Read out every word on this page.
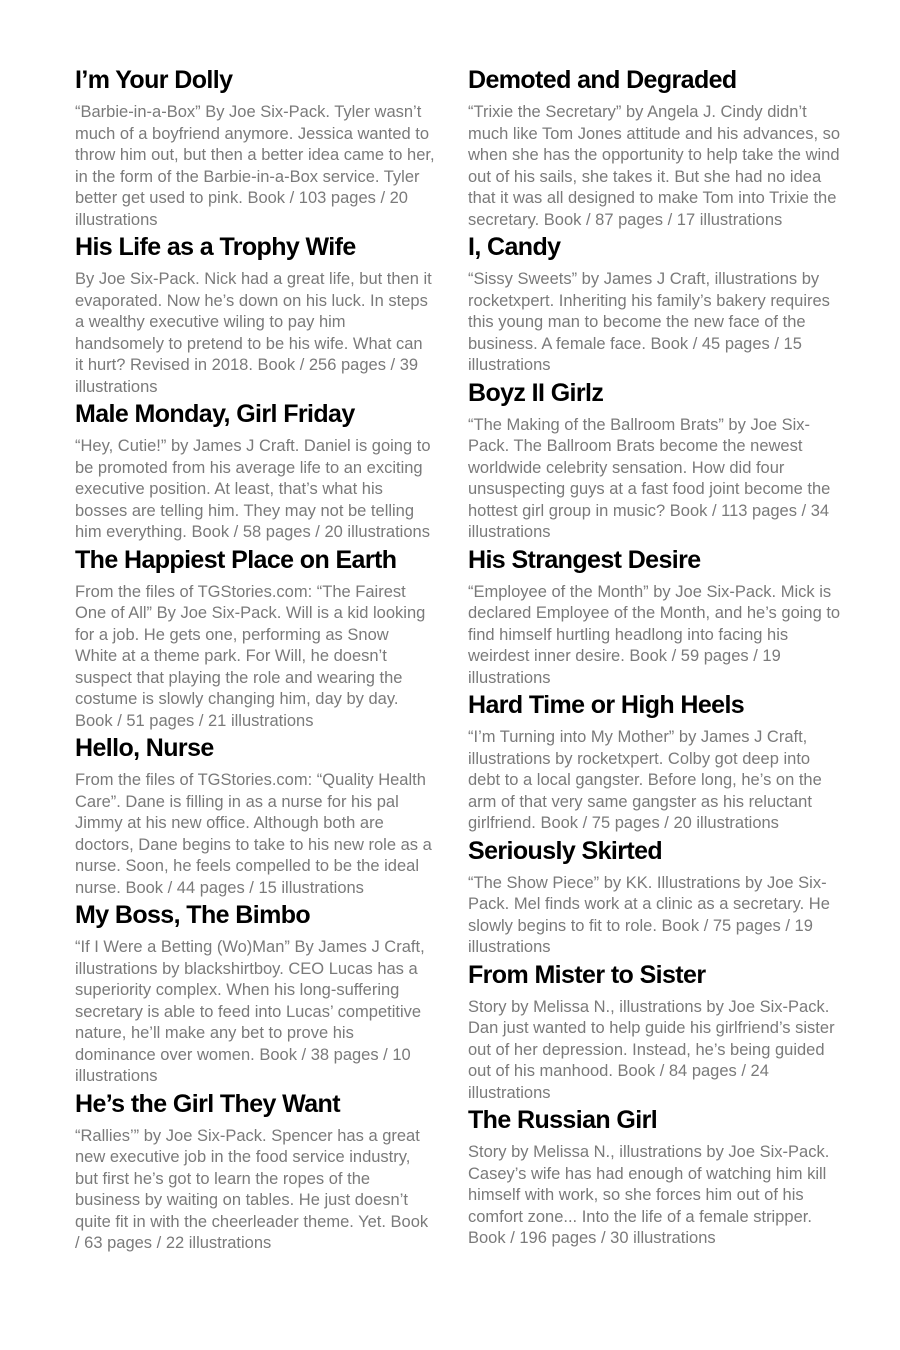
I’m Your Dolly

“Barbie-in-a-Box” By Joe Six-Pack. Tyler wasn’t much of a boyfriend anymore. Jessica wanted to throw him out, but then a better idea came to her, in the form of the Barbie-in-a-Box service. Tyler better get used to pink. Book / 103 pages / 20 illustrations

His Life as a Trophy Wife

By Joe Six-Pack. Nick had a great life, but then it evaporated. Now he’s down on his luck. In steps a wealthy executive wiling to pay him handsomely to pretend to be his wife. What can it hurt? Revised in 2018. Book / 256 pages / 39 illustrations

Male Monday, Girl Friday

“Hey, Cutie!” by James J Craft. Daniel is going to be promoted from his average life to an exciting executive position. At least, that’s what his bosses are telling him. They may not be telling him everything. Book / 58 pages / 20 illustrations

The Happiest Place on Earth

From the files of TGStories.com: “The Fairest One of All” By Joe Six-Pack. Will is a kid looking for a job. He gets one, performing as Snow White at a theme park. For Will, he doesn’t suspect that playing the role and wearing the costume is slowly changing him, day by day. Book / 51 pages / 21 illustrations

Hello, Nurse

From the files of TGStories.com: “Quality Health Care”. Dane is filling in as a nurse for his pal Jimmy at his new office. Although both are doctors, Dane begins to take to his new role as a nurse. Soon, he feels compelled to be the ideal nurse. Book / 44 pages / 15 illustrations

My Boss, The Bimbo

“If I Were a Betting (Wo)Man” By James J Craft, illustrations by blackshirtboy. CEO Lucas has a superiority complex. When his long-suffering secretary is able to feed into Lucas’ competitive nature, he’ll make any bet to prove his dominance over women. Book / 38 pages / 10 illustrations

He’s the Girl They Want

“Rallies’” by Joe Six-Pack. Spencer has a great new executive job in the food service industry, but first he’s got to learn the ropes of the business by waiting on tables. He just doesn’t quite fit in with the cheerleader theme. Yet. Book / 63 pages / 22 illustrations

Demoted and Degraded

“Trixie the Secretary” by Angela J. Cindy didn’t much like Tom Jones attitude and his advances, so when she has the opportunity to help take the wind out of his sails, she takes it. But she had no idea that it was all designed to make Tom into Trixie the secretary. Book / 87 pages / 17 illustrations

I, Candy

“Sissy Sweets” by James J Craft, illustrations by rocketxpert. Inheriting his family’s bakery requires this young man to become the new face of the business. A female face. Book / 45 pages / 15 illustrations

Boyz II Girlz

“The Making of the Ballroom Brats” by Joe Six-Pack. The Ballroom Brats become the newest worldwide celebrity sensation. How did four unsuspecting guys at a fast food joint become the hottest girl group in music? Book / 113 pages / 34 illustrations

His Strangest Desire

“Employee of the Month” by Joe Six-Pack. Mick is declared Employee of the Month, and he’s going to find himself hurtling headlong into facing his weirdest inner desire. Book / 59 pages / 19 illustrations

Hard Time or High Heels

“I’m Turning into My Mother” by James J Craft, illustrations by rocketxpert. Colby got deep into debt to a local gangster. Before long, he’s on the arm of that very same gangster as his reluctant girlfriend. Book / 75 pages / 20 illustrations

Seriously Skirted

“The Show Piece” by KK. Illustrations by Joe Six-Pack. Mel finds work at a clinic as a secretary. He slowly begins to fit to role. Book / 75 pages / 19 illustrations

From Mister to Sister

Story by Melissa N., illustrations by Joe Six-Pack. Dan just wanted to help guide his girlfriend’s sister out of her depression. Instead, he’s being guided out of his manhood. Book / 84 pages / 24 illustrations

The Russian Girl

Story by Melissa N., illustrations by Joe Six-Pack. Casey’s wife has had enough of watching him kill himself with work, so she forces him out of his comfort zone... Into the life of a female stripper. Book / 196 pages / 30 illustrations
